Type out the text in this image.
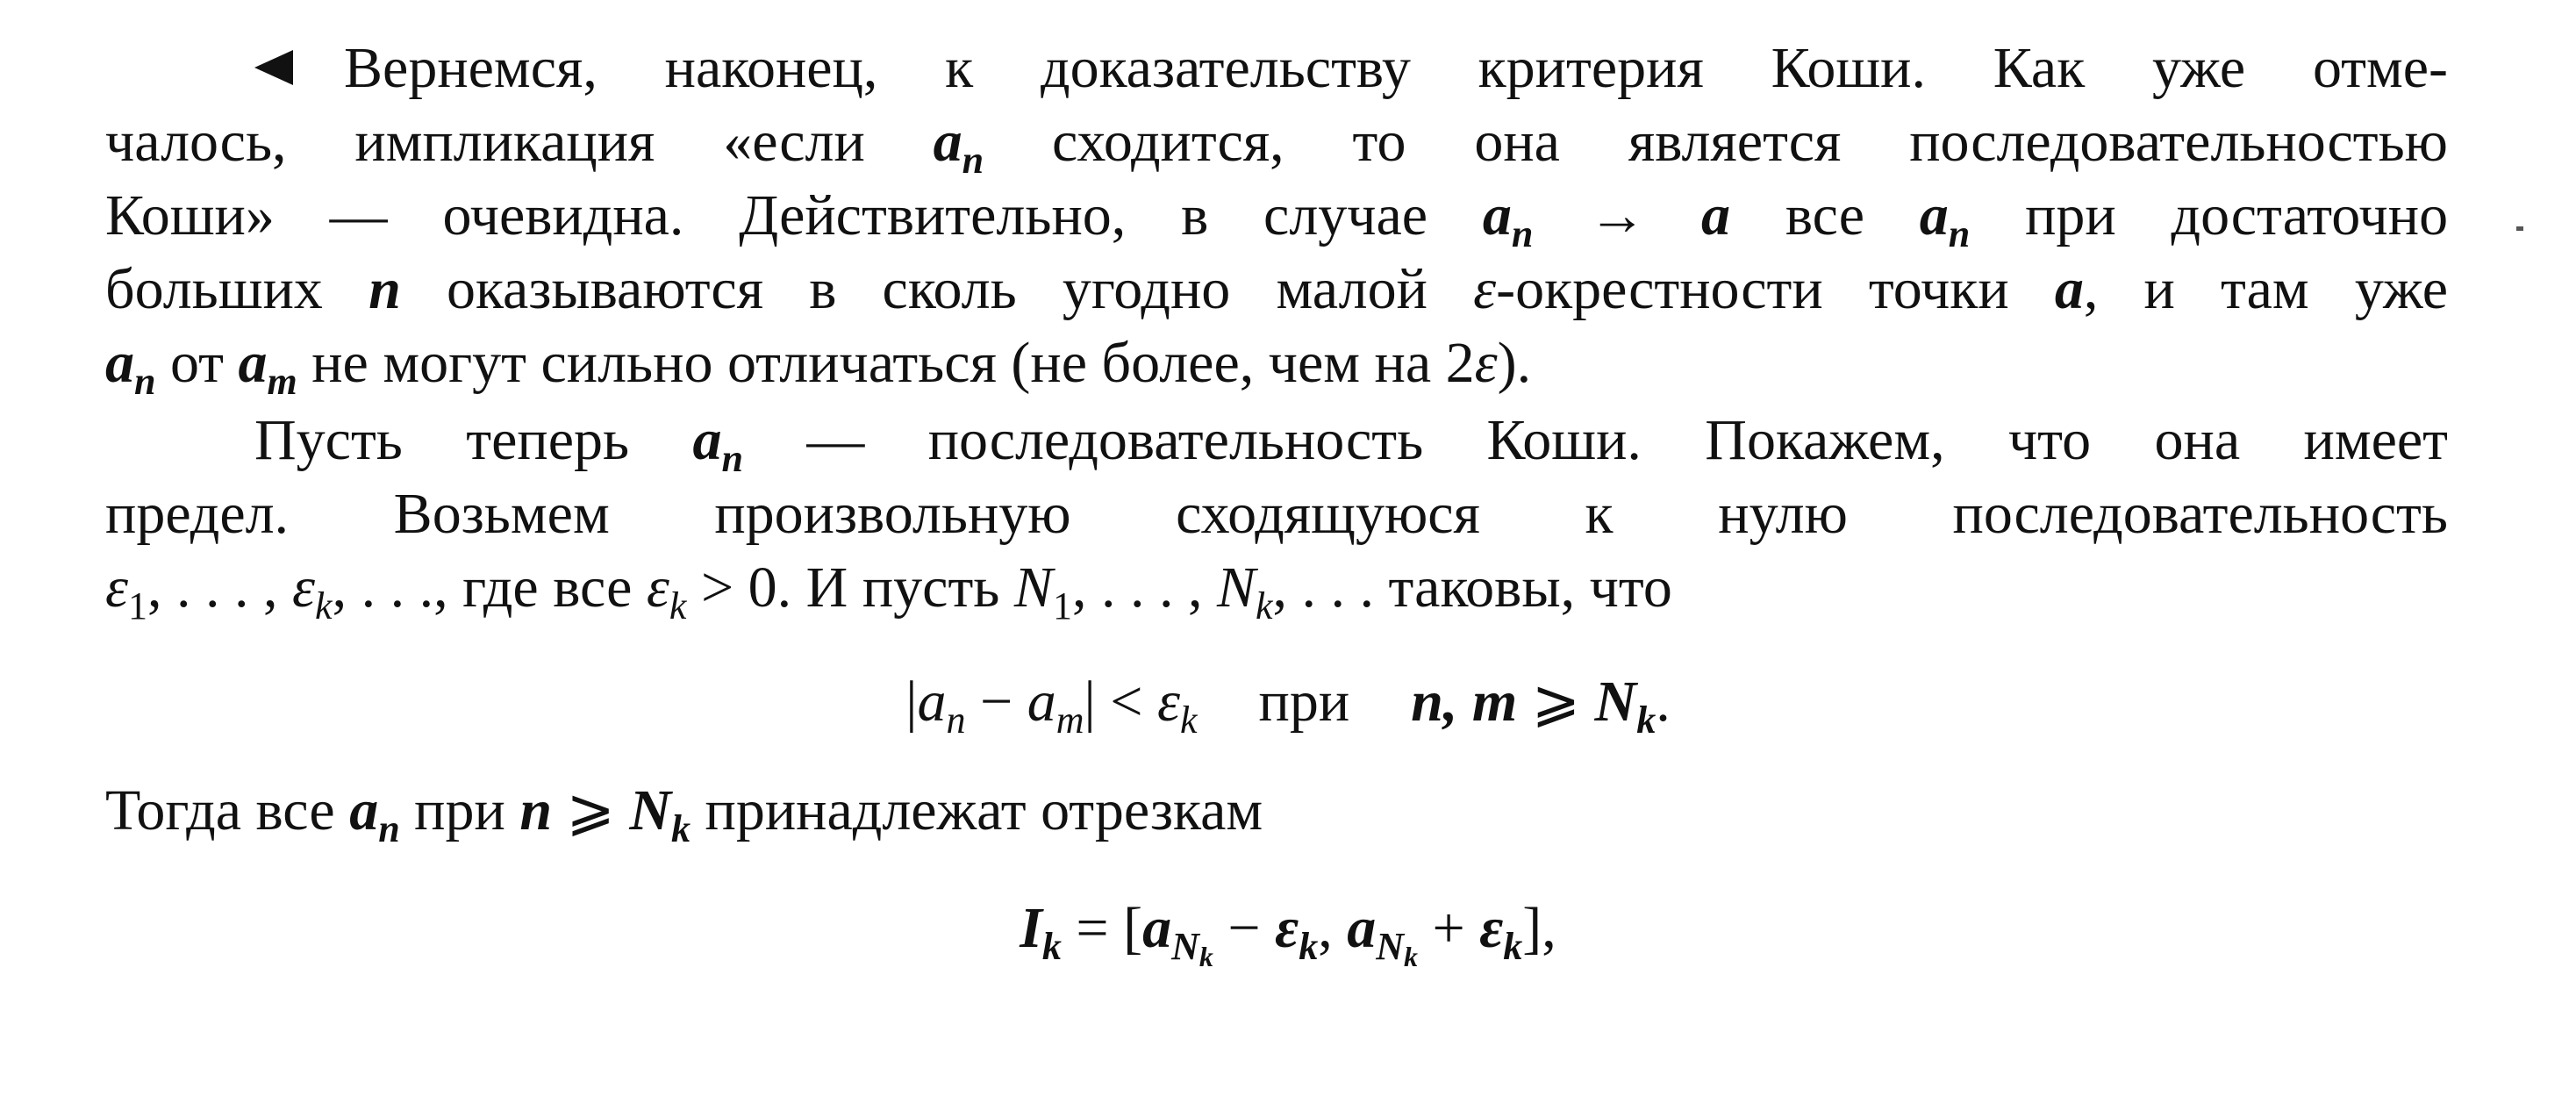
Вернемся, наконец, к доказательству критерия Коши. Как уже отме-
чалось, импликация «если $a_n$ сходится, то она является последовательностью
Коши» — очевидна. Действительно, в случае $a_n \to a$ все $a_n$ при достаточно
больших n оказываются в сколь угодно малой ε-окрестности точки a, и там уже
$a_n$ от $a_m$ не могут сильно отличаться (не более, чем на 2ε).
Пусть теперь $a_n$ — последовательность Коши. Покажем, что она имеет
предел. Возьмем произвольную сходящуюся к нулю последовательность
$\varepsilon_1$, . . . , $\varepsilon_k$, . . ., где все $\varepsilon_k > 0$. И пусть $N_1$, . . . , $N_k$, . . . таковы, что
$|a_n - a_m| < \varepsilon_k$ при n, m ⩾ $N_k$.
Тогда все $a_n$ при n ⩾ $N_k$ принадлежат отрезкам
$I_k = [a_{N_k} - \varepsilon_k$, $a_{N_k} + \varepsilon_k$],
